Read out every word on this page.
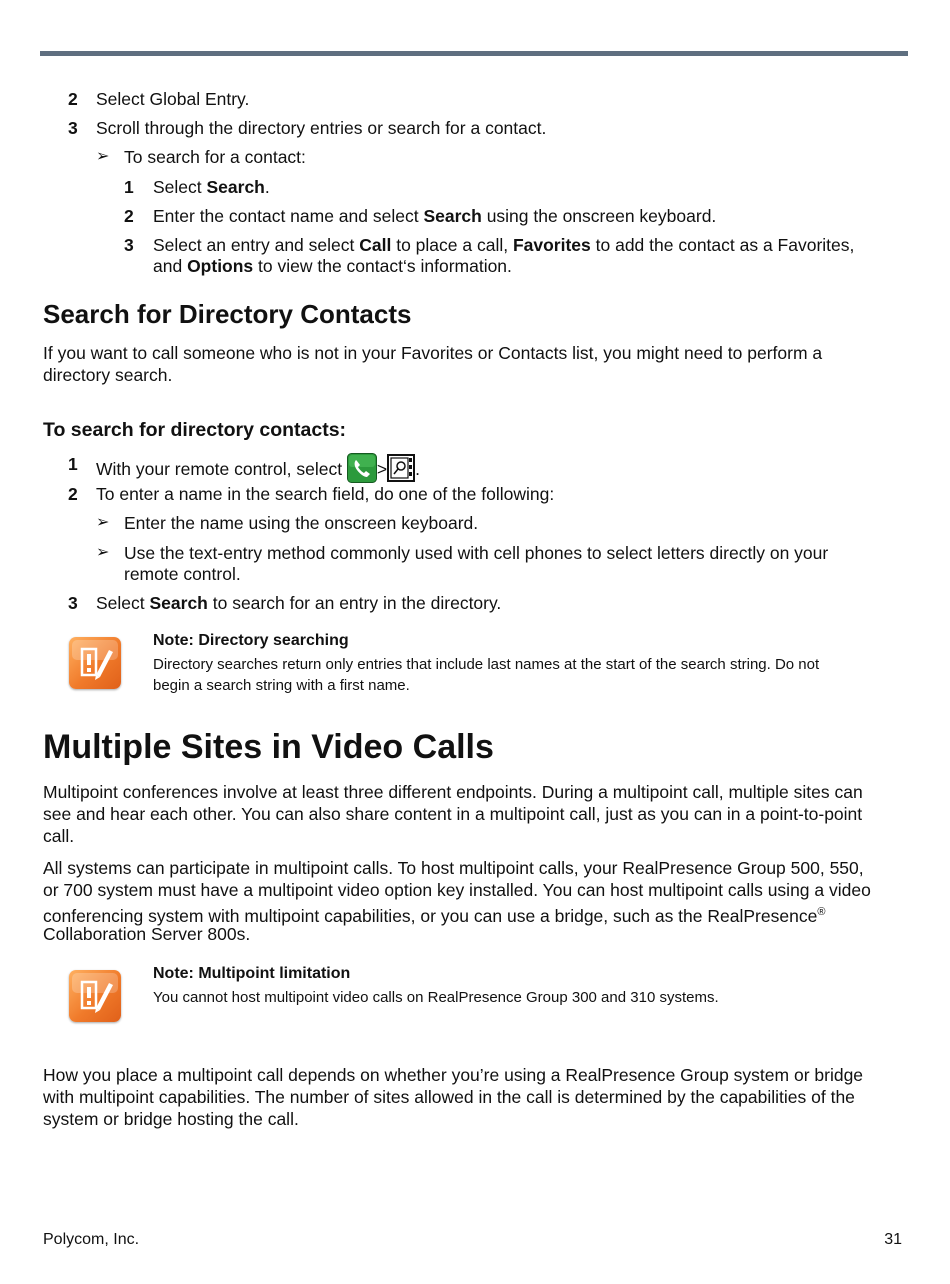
2 Select Global Entry.
3 Scroll through the directory entries or search for a contact.
➢ To search for a contact:
1 Select Search.
2 Enter the contact name and select Search using the onscreen keyboard.
3 Select an entry and select Call to place a call, Favorites to add the contact as a Favorites,
and Options to view the contact‘s information.
Search for Directory Contacts
If you want to call someone who is not in your Favorites or Contacts list, you might need to perform a
directory search.
To search for directory contacts:
1 With your remote control, select > .
2 To enter a name in the search field, do one of the following:
➢ Enter the name using the onscreen keyboard.
➢ Use the text-entry method commonly used with cell phones to select letters directly on your
remote control.
3 Select Search to search for an entry in the directory.
Note: Directory searching
Directory searches return only entries that include last names at the start of the search string. Do not
begin a search string with a first name.
Multiple Sites in Video Calls
Multipoint conferences involve at least three different endpoints. During a multipoint call, multiple sites can
see and hear each other. You can also share content in a multipoint call, just as you can in a point-to-point
call.
All systems can participate in multipoint calls. To host multipoint calls, your RealPresence Group 500, 550,
or 700 system must have a multipoint video option key installed. You can host multipoint calls using a video
conferencing system with multipoint capabilities, or you can use a bridge, such as the RealPresence®
Collaboration Server 800s.
Note: Multipoint limitation
You cannot host multipoint video calls on RealPresence Group 300 and 310 systems.
How you place a multipoint call depends on whether you’re using a RealPresence Group system or bridge
with multipoint capabilities. The number of sites allowed in the call is determined by the capabilities of the
system or bridge hosting the call.
Polycom, Inc.	31
